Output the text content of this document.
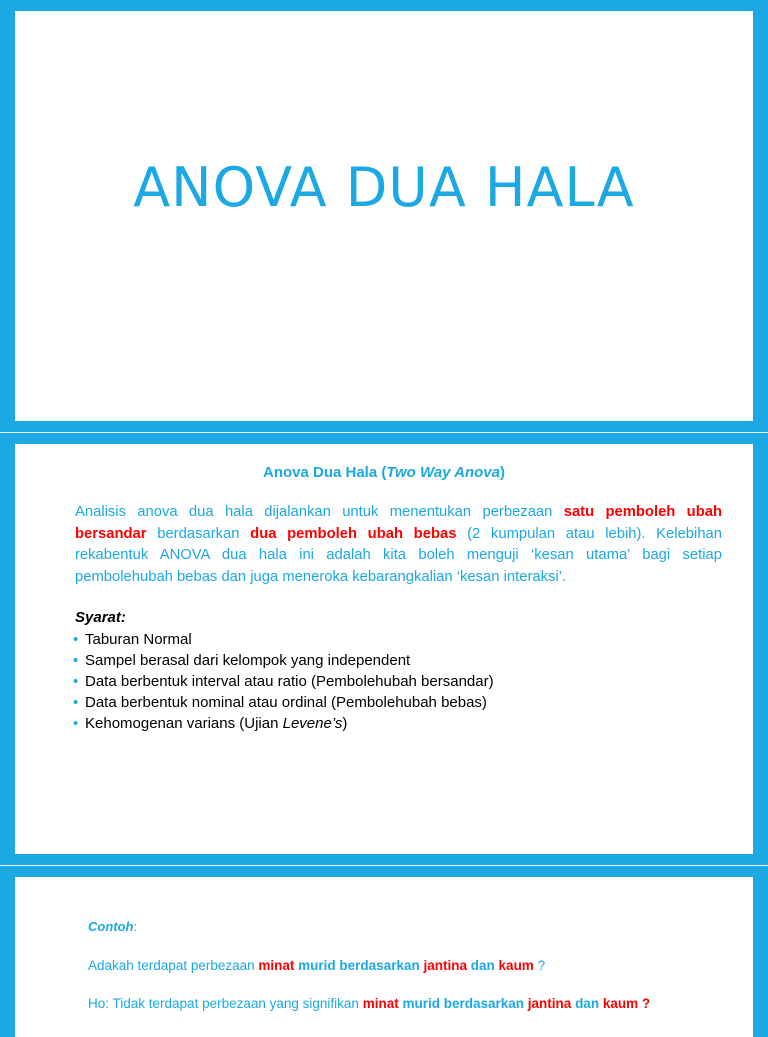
ANOVA DUA HALA
Anova Dua Hala (Two Way Anova)
Analisis anova dua hala dijalankan untuk menentukan perbezaan satu pemboleh ubah bersandar berdasarkan dua pemboleh ubah bebas (2 kumpulan atau lebih). Kelebihan rekabentuk ANOVA dua hala ini adalah kita boleh menguji ‘kesan utama’ bagi setiap pembolehubah bebas dan juga meneroka kebarangkalian ‘kesan interaksi’.
Syarat:
• Taburan Normal
• Sampel berasal dari kelompok yang independent
• Data berbentuk interval atau ratio (Pembolehubah bersandar)
• Data berbentuk nominal atau ordinal (Pembolehubah bebas)
• Kehomogenan varians (Ujian Levene’s)
Contoh:
Adakah terdapat perbezaan minat murid berdasarkan jantina dan kaum ?
Ho: Tidak terdapat perbezaan yang signifikan minat murid berdasarkan jantina dan kaum ?
